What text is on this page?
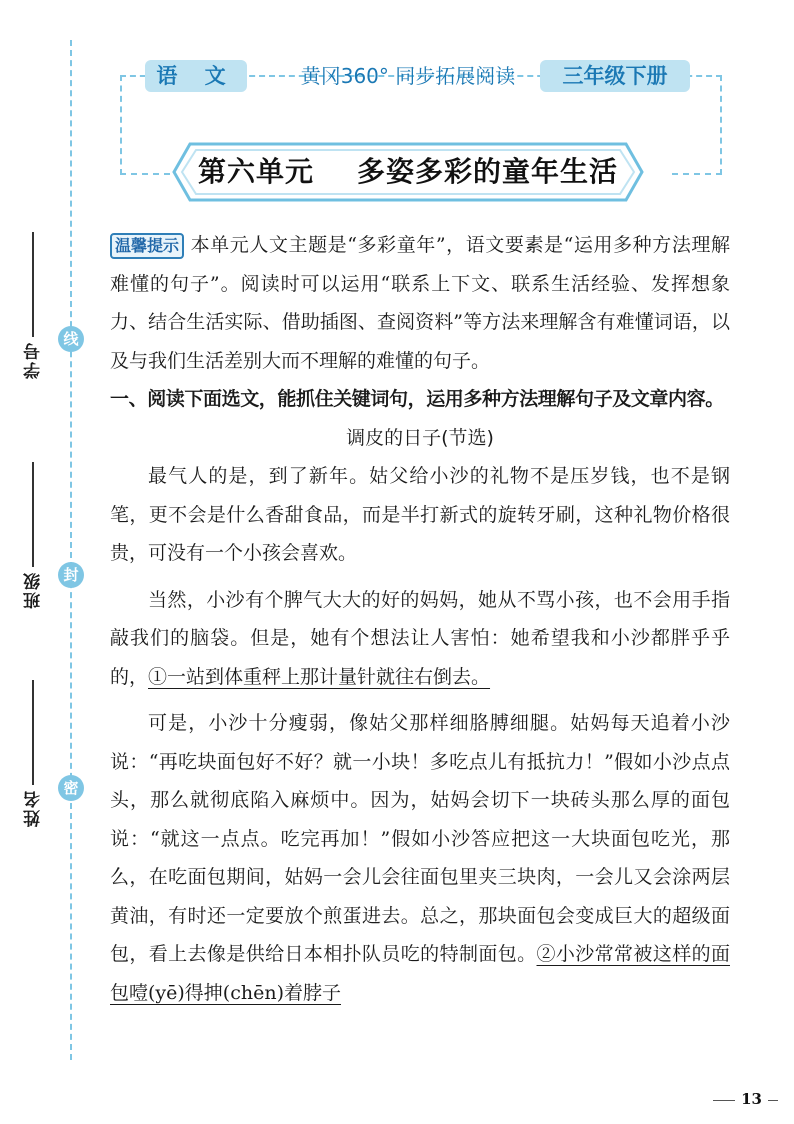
线
封
密
学号
班级
姓名
语 文	黄冈360° 同步拓展阅读	三年级下册
第六单元    多姿多彩的童年生活

温馨提示 本单元人文主题是“多彩童年”，语文要素是“运用多种方法理解难懂的句子”。阅读时可以运用“联系上下文、联系生活经验、发挥想象力、结合生活实际、借助插图、查阅资料”等方法来理解含有难懂词语，以及与我们生活差别大而不理解的难懂的句子。

一、阅读下面选文，能抓住关键词句，运用多种方法理解句子及文章内容。

调皮的日子(节选)

最气人的是，到了新年。姑父给小沙的礼物不是压岁钱，也不是钢笔，更不会是什么香甜食品，而是半打新式的旋转牙刷，这种礼物价格很贵，可没有一个小孩会喜欢。

当然，小沙有个脾气大大的好的妈妈，她从不骂小孩，也不会用手指敲我们的脑袋。但是，她有个想法让人害怕：她希望我和小沙都胖乎乎的，①一站到体重秤上那计量针就往右倒去。

可是，小沙十分瘦弱，像姑父那样细胳膊细腿。姑妈每天追着小沙说：“再吃块面包好不好？就一小块！多吃点儿有抵抗力！”假如小沙点点头，那么就彻底陷入麻烦中。因为，姑妈会切下一块砖头那么厚的面包说：“就这一点点。吃完再加！”假如小沙答应把这一大块面包吃光，那么，在吃面包期间，姑妈一会儿会往面包里夹三块肉，一会儿又会涂两层黄油，有时还一定要放个煎蛋进去。总之，那块面包会变成巨大的超级面包，看上去像是供给日本相扑队员吃的特制面包。②小沙常常被这样的面包噎(yē)得抻(chēn)着脖子

13
